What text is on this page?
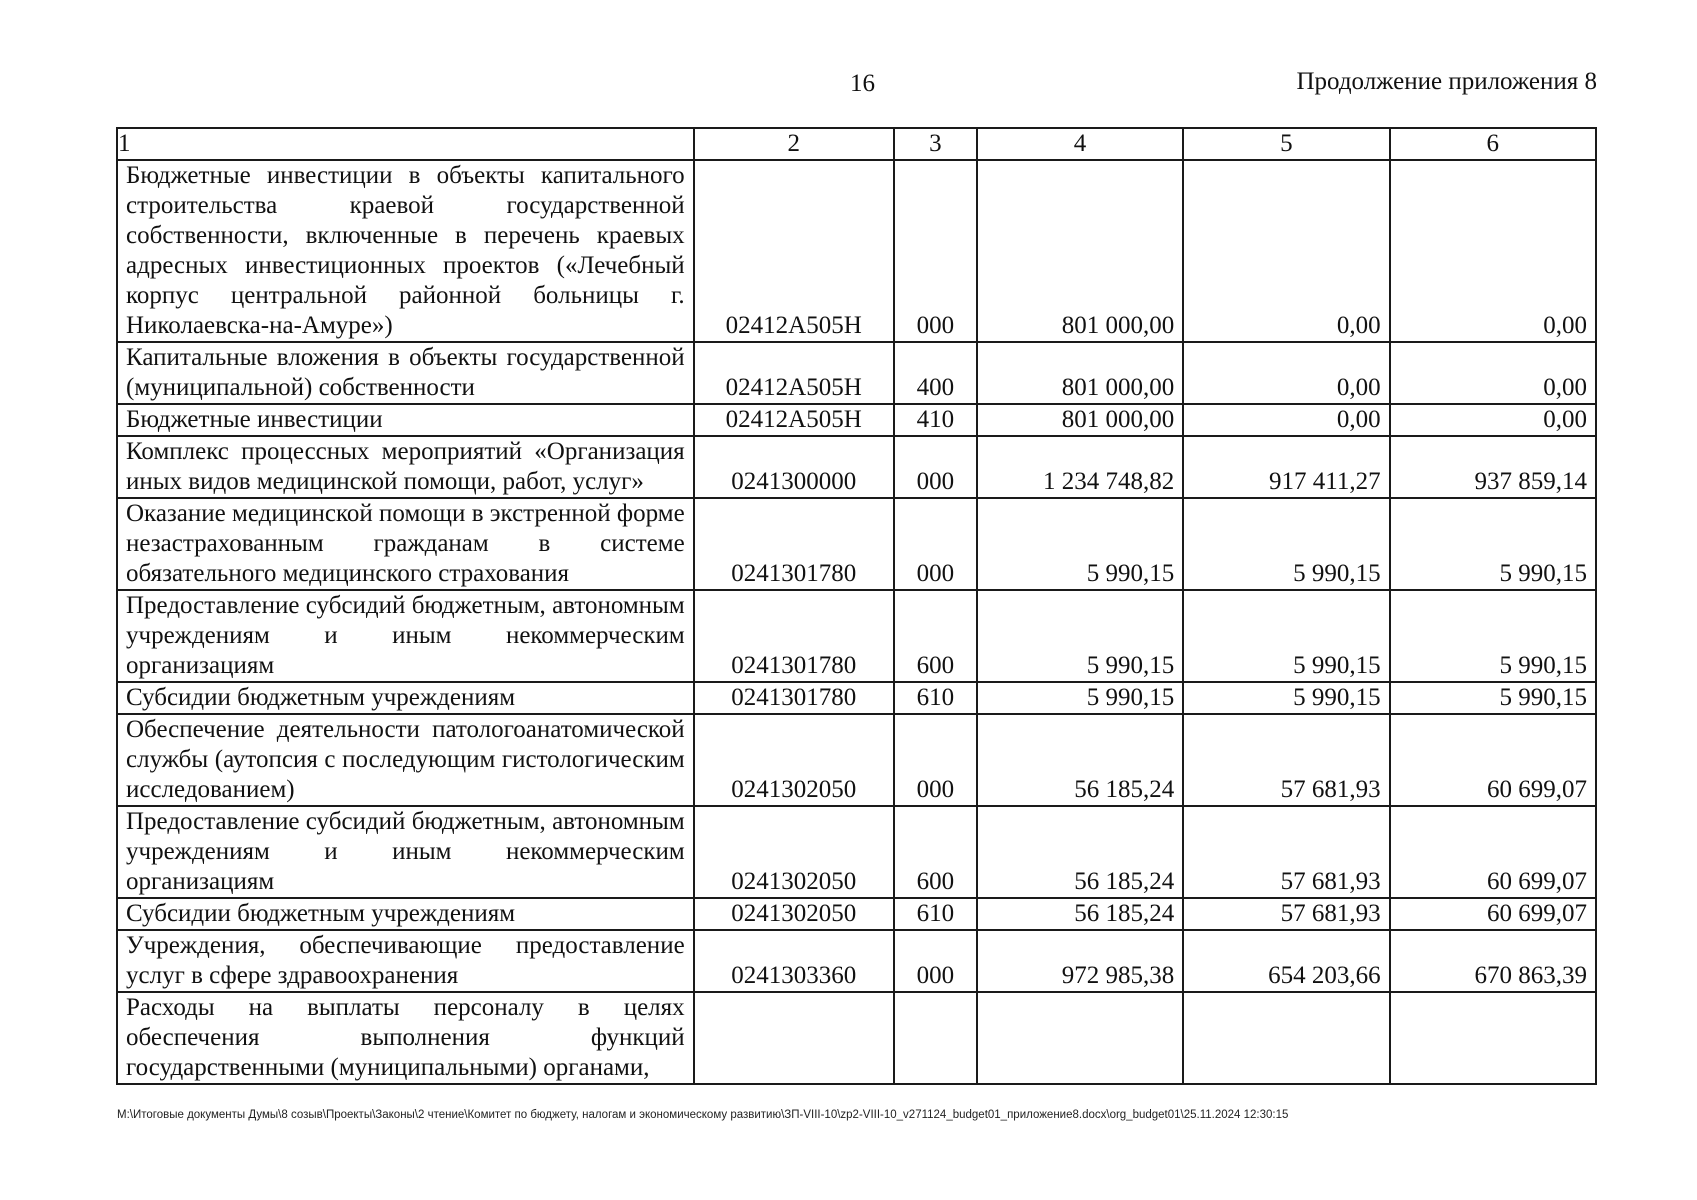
16	Продолжение приложения 8
1	2	3	4	5	6
Бюджетные инвестиции в объекты капитального строительства краевой государственной собственности, включенные в перечень краевых адресных инвестиционных проектов («Лечебный корпус центральной районной больницы г. Николаевска-на-Амуре»)	02412А505Н	000	801 000,00	0,00	0,00
Капитальные вложения в объекты государственной (муниципальной) собственности	02412А505Н	400	801 000,00	0,00	0,00
Бюджетные инвестиции	02412А505Н	410	801 000,00	0,00	0,00
Комплекс процессных мероприятий «Организация иных видов медицинской помощи, работ, услуг»	0241300000	000	1 234 748,82	917 411,27	937 859,14
Оказание медицинской помощи в экстренной форме незастрахованным гражданам в системе обязательного медицинского страхования	0241301780	000	5 990,15	5 990,15	5 990,15
Предоставление субсидий бюджетным, автономным учреждениям и иным некоммерческим организациям	0241301780	600	5 990,15	5 990,15	5 990,15
Субсидии бюджетным учреждениям	0241301780	610	5 990,15	5 990,15	5 990,15
Обеспечение деятельности патологоанатомической службы (аутопсия с последующим гистологическим исследованием)	0241302050	000	56 185,24	57 681,93	60 699,07
Предоставление субсидий бюджетным, автономным учреждениям и иным некоммерческим организациям	0241302050	600	56 185,24	57 681,93	60 699,07
Субсидии бюджетным учреждениям	0241302050	610	56 185,24	57 681,93	60 699,07
Учреждения, обеспечивающие предоставление услуг в сфере здравоохранения	0241303360	000	972 985,38	654 203,66	670 863,39
Расходы на выплаты персоналу в целях обеспечения выполнения функций государственными (муниципальными) органами,					
М:\Итоговые документы Думы\8 созыв\Проекты\Законы\2 чтение\Комитет по бюджету, налогам и экономическому развитию\ЗП-VIII-10\zp2-VIII-10_v271124_budget01_приложение8.docx\org_budget01\25.11.2024 12:30:15
